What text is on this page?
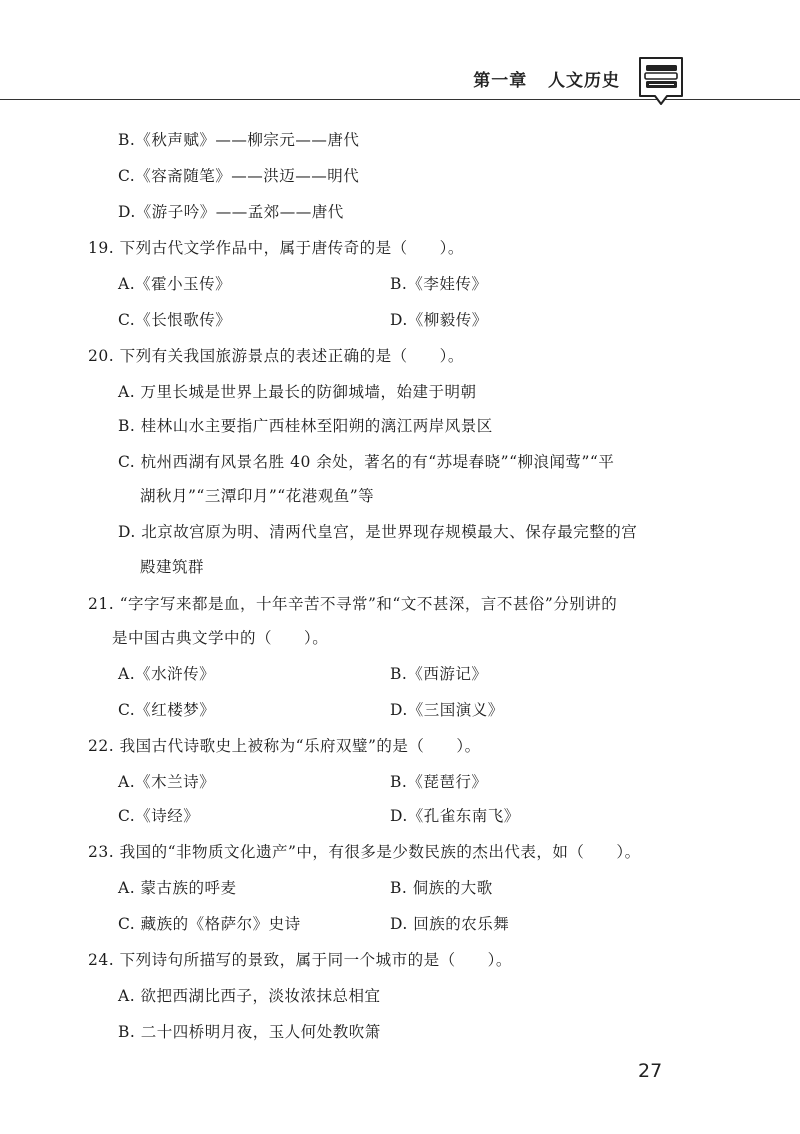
第一章 人文历史
B.《秋声赋》——柳宗元——唐代
C.《容斋随笔》——洪迈——明代
D.《游子吟》——孟郊——唐代
19. 下列古代文学作品中，属于唐传奇的是（　　）。
A.《霍小玉传》	B.《李娃传》
C.《长恨歌传》	D.《柳毅传》
20. 下列有关我国旅游景点的表述正确的是（　　）。
A. 万里长城是世界上最长的防御城墙，始建于明朝
B. 桂林山水主要指广西桂林至阳朔的漓江两岸风景区
C. 杭州西湖有风景名胜 40 余处，著名的有“苏堤春晓”“柳浪闻莺”“平
湖秋月”“三潭印月”“花港观鱼”等
D. 北京故宫原为明、清两代皇宫，是世界现存规模最大、保存最完整的宫
殿建筑群
21. “字字写来都是血，十年辛苦不寻常”和“文不甚深，言不甚俗”分别讲的
是中国古典文学中的（　　）。
A.《水浒传》	B.《西游记》
C.《红楼梦》	D.《三国演义》
22. 我国古代诗歌史上被称为“乐府双璧”的是（　　）。
A.《木兰诗》	B.《琵琶行》
C.《诗经》	D.《孔雀东南飞》
23. 我国的“非物质文化遗产”中，有很多是少数民族的杰出代表，如（　　）。
A. 蒙古族的呼麦	B. 侗族的大歌
C. 藏族的《格萨尔》史诗	D. 回族的农乐舞
24. 下列诗句所描写的景致，属于同一个城市的是（　　）。
A. 欲把西湖比西子，淡妆浓抹总相宜
B. 二十四桥明月夜，玉人何处教吹箫
27
